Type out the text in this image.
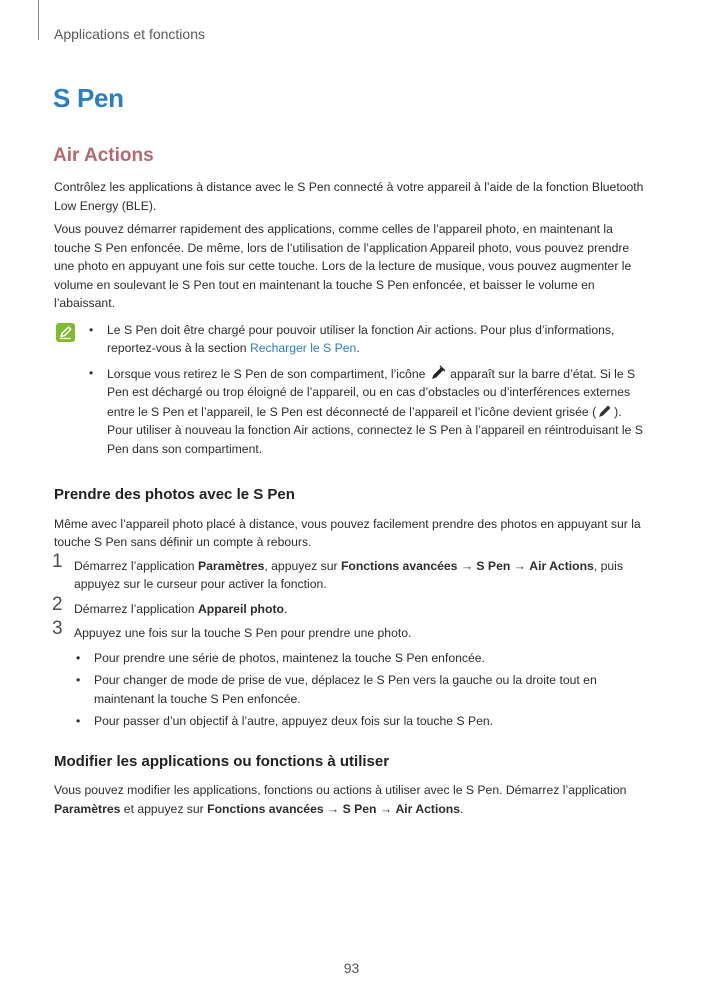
Applications et fonctions
S Pen
Air Actions

Contrôlez les applications à distance avec le S Pen connecté à votre appareil à l’aide de la fonction Bluetooth Low Energy (BLE).

Vous pouvez démarrer rapidement des applications, comme celles de l’appareil photo, en maintenant la touche S Pen enfoncée. De même, lors de l’utilisation de l’application Appareil photo, vous pouvez prendre une photo en appuyant une fois sur cette touche. Lors de la lecture de musique, vous pouvez augmenter le volume en soulevant le S Pen tout en maintenant la touche S Pen enfoncée, et baisser le volume en l’abaissant.

• Le S Pen doit être chargé pour pouvoir utiliser la fonction Air actions. Pour plus d’informations, reportez-vous à la section Recharger le S Pen.
• Lorsque vous retirez le S Pen de son compartiment, l’icône  apparaît sur la barre d’état. Si le S Pen est déchargé ou trop éloigné de l’appareil, ou en cas d’obstacles ou d’interférences externes entre le S Pen et l’appareil, le S Pen est déconnecté de l’appareil et l’icône devient grisée ( ). Pour utiliser à nouveau la fonction Air actions, connectez le S Pen à l’appareil en réintroduisant le S Pen dans son compartiment.
Prendre des photos avec le S Pen

Même avec l’appareil photo placé à distance, vous pouvez facilement prendre des photos en appuyant sur la touche S Pen sans définir un compte à rebours.

1 Démarrez l’application Paramètres, appuyez sur Fonctions avancées → S Pen → Air Actions, puis appuyez sur le curseur pour activer la fonction.
2 Démarrez l’application Appareil photo.
3 Appuyez une fois sur la touche S Pen pour prendre une photo.
• Pour prendre une série de photos, maintenez la touche S Pen enfoncée.
• Pour changer de mode de prise de vue, déplacez le S Pen vers la gauche ou la droite tout en maintenant la touche S Pen enfoncée.
• Pour passer d’un objectif à l’autre, appuyez deux fois sur la touche S Pen.
Modifier les applications ou fonctions à utiliser

Vous pouvez modifier les applications, fonctions ou actions à utiliser avec le S Pen. Démarrez l’application Paramètres et appuyez sur Fonctions avancées → S Pen → Air Actions.

93
